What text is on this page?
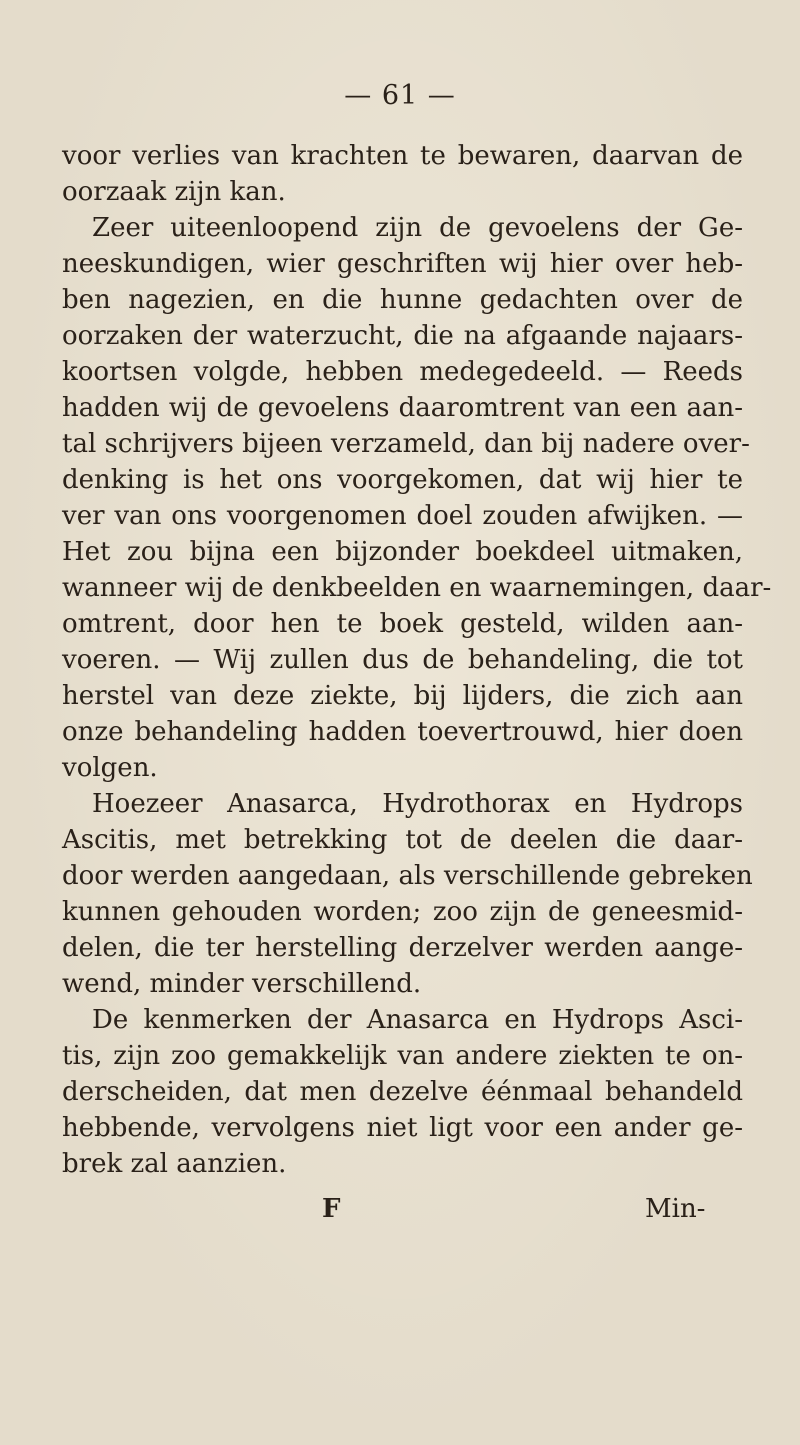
— 61 —
voor verlies van krachten te bewaren, daarvan de
oorzaak zijn kan.
Zeer uiteenloopend zijn de gevoelens der Ge-
neeskundigen, wier geschriften wij hier over heb-
ben nagezien, en die hunne gedachten over de
oorzaken der waterzucht, die na afgaande najaars-
koortsen volgde, hebben medegedeeld. — Reeds
hadden wij de gevoelens daaromtrent van een aan-
tal schrijvers bijeen verzameld, dan bij nadere over-
denking is het ons voorgekomen, dat wij hier te
ver van ons voorgenomen doel zouden afwijken. —
Het zou bijna een bijzonder boekdeel uitmaken,
wanneer wij de denkbeelden en waarnemingen, daar-
omtrent, door hen te boek gesteld, wilden aan-
voeren. — Wij zullen dus de behandeling, die tot
herstel van deze ziekte, bij lijders, die zich aan
onze behandeling hadden toevertrouwd, hier doen
volgen.
Hoezeer Anasarca, Hydrothorax en Hydrops
Ascitis, met betrekking tot de deelen die daar-
door werden aangedaan, als verschillende gebreken
kunnen gehouden worden; zoo zijn de geneesmid-
delen, die ter herstelling derzelver werden aange-
wend, minder verschillend.
De kenmerken der Anasarca en Hydrops Asci-
tis, zijn zoo gemakkelijk van andere ziekten te on-
derscheiden, dat men dezelve éénmaal behandeld
hebbende, vervolgens niet ligt voor een ander ge-
brek zal aanzien.
F	Min-
